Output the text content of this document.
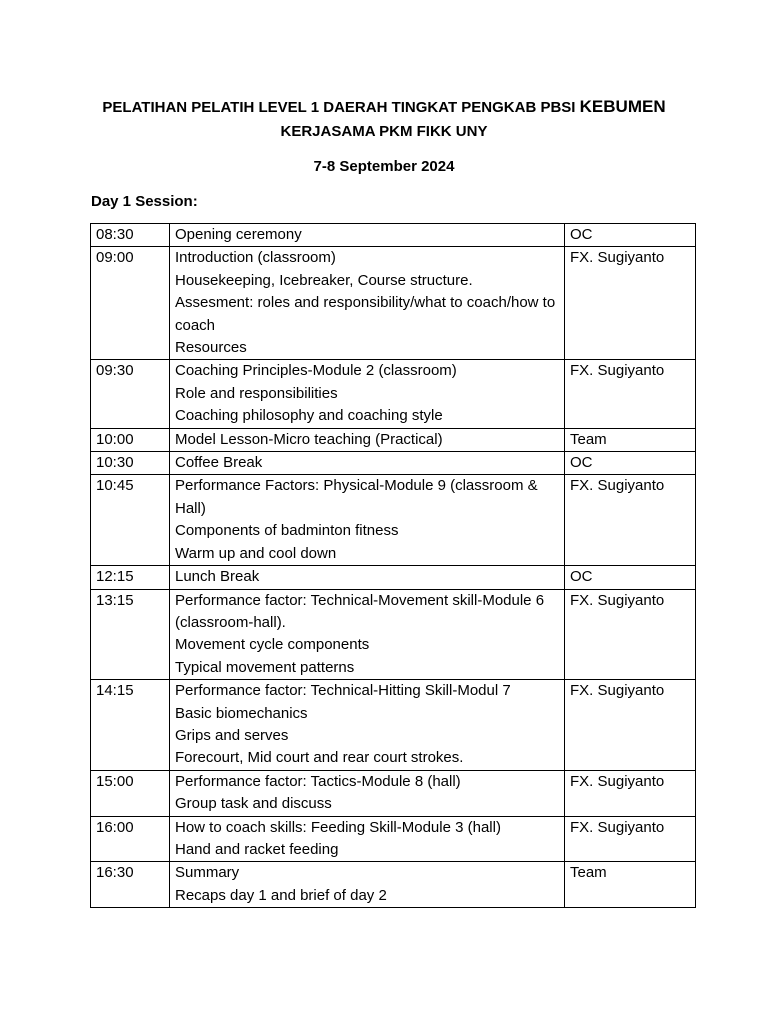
PELATIHAN PELATIH LEVEL 1 DAERAH TINGKAT PENGKAB PBSI KEBUMEN
KERJASAMA PKM FIKK UNY
7-8 September 2024
Day 1 Session:
08:30	Opening ceremony	OC
09:00	Introduction (classroom)
Housekeeping, Icebreaker, Course structure.
Assesment: roles and responsibility/what to coach/how to coach
Resources	FX. Sugiyanto
09:30	Coaching Principles-Module 2 (classroom)
Role and responsibilities
Coaching philosophy and coaching style	FX. Sugiyanto
10:00	Model Lesson-Micro teaching (Practical)	Team
10:30	Coffee Break	OC
10:45	Performance Factors: Physical-Module 9 (classroom & Hall)
Components of badminton fitness
Warm up and cool down	FX. Sugiyanto
12:15	Lunch Break	OC
13:15	Performance factor: Technical-Movement skill-Module 6 (classroom-hall).
Movement cycle components
Typical movement patterns	FX. Sugiyanto
14:15	Performance factor: Technical-Hitting Skill-Modul 7
Basic biomechanics
Grips and serves
Forecourt, Mid court and rear court strokes.	FX. Sugiyanto
15:00	Performance factor: Tactics-Module 8 (hall)
Group task and discuss	FX. Sugiyanto
16:00	How to coach skills: Feeding Skill-Module 3 (hall)
Hand and racket feeding	FX. Sugiyanto
16:30	Summary
Recaps day 1 and brief of day 2	Team
